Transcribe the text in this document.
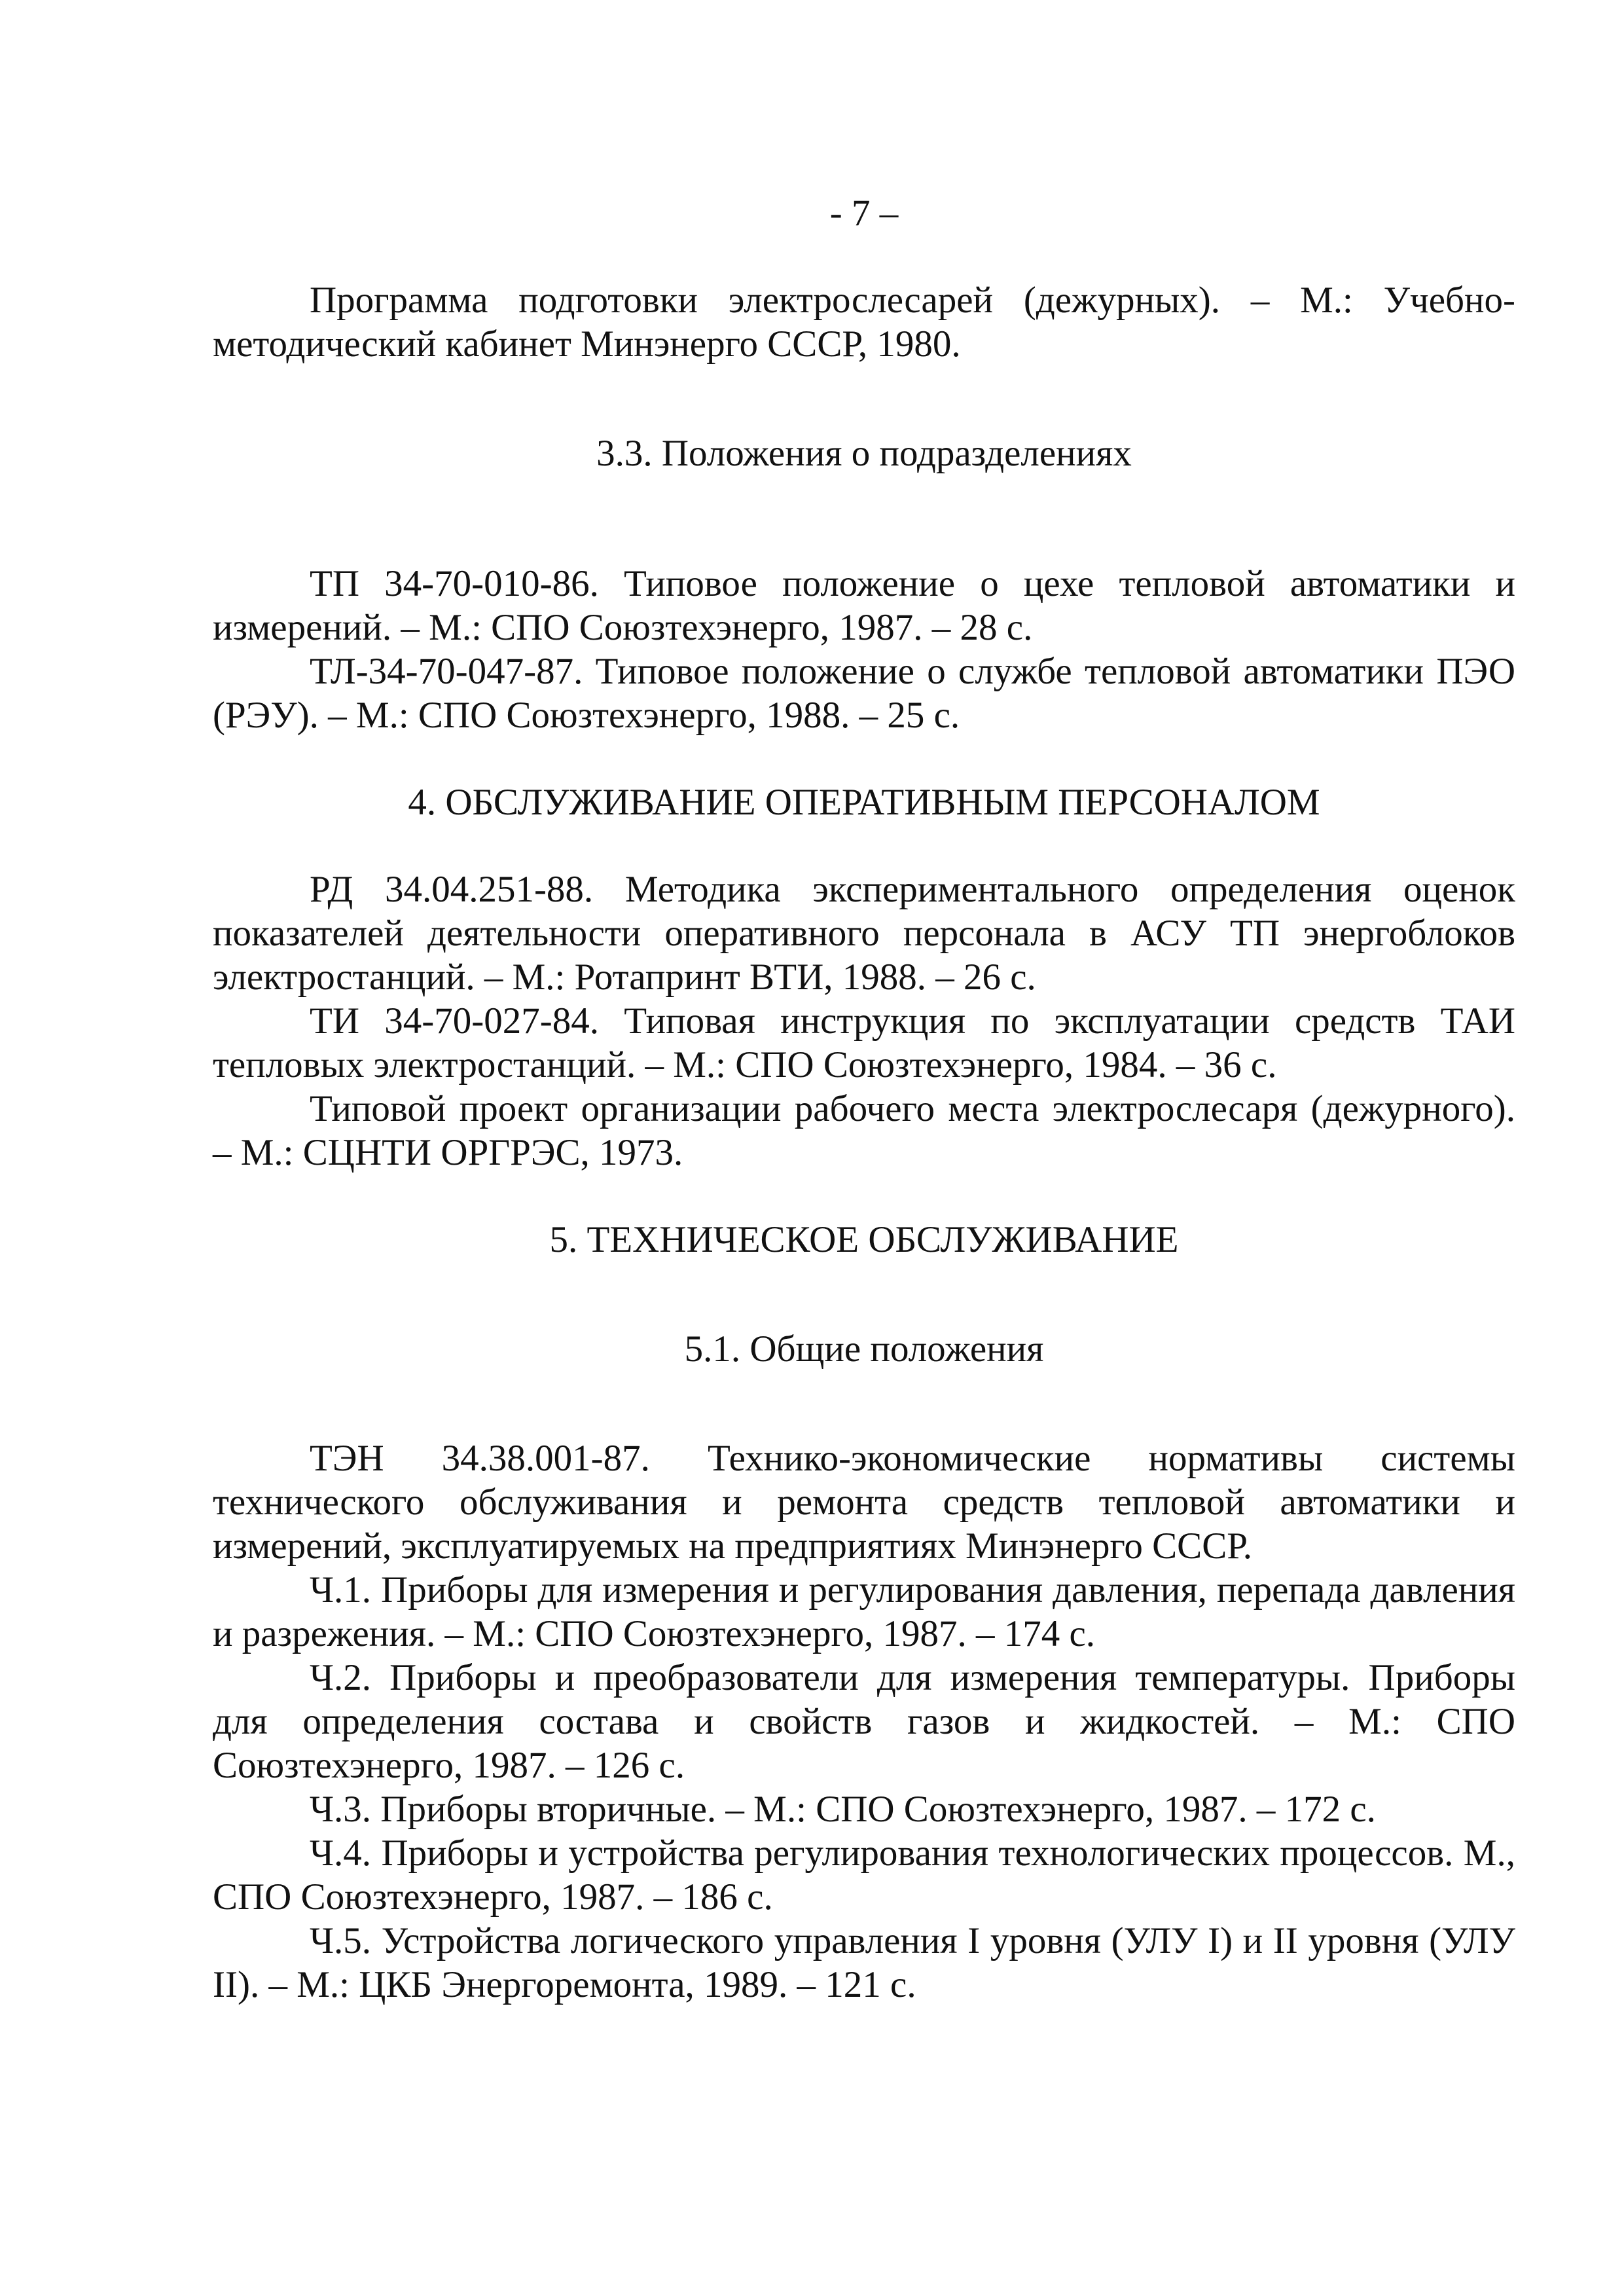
- 7 –

Программа подготовки электрослесарей (дежурных). – М.: Учебно-методический кабинет Минэнерго СССР, 1980.

3.3. Положения о подразделениях

ТП 34-70-010-86. Типовое положение о цехе тепловой автоматики и измерений. – М.: СПО Союзтехэнерго, 1987. – 28 с.

ТЛ-34-70-047-87. Типовое положение о службе тепловой автоматики ПЭО (РЭУ). – М.: СПО Союзтехэнерго, 1988. – 25 с.

4. ОБСЛУЖИВАНИЕ ОПЕРАТИВНЫМ ПЕРСОНАЛОМ

РД 34.04.251-88. Методика экспериментального определения оценок показателей деятельности оперативного персонала в АСУ ТП энергоблоков электростанций. – М.: Ротапринт ВТИ, 1988. – 26 с.

ТИ 34-70-027-84. Типовая инструкция по эксплуатации средств ТАИ тепловых электростанций. – М.: СПО Союзтехэнерго, 1984. – 36 с.

Типовой проект организации рабочего места электрослесаря (дежурного). – М.: СЦНТИ ОРГРЭС, 1973.

5. ТЕХНИЧЕСКОЕ ОБСЛУЖИВАНИЕ
5.1. Общие положения

ТЭН 34.38.001-87. Технико-экономические нормативы системы технического обслуживания и ремонта средств тепловой автоматики и измерений, эксплуатируемых на предприятиях Минэнерго СССР.

Ч.1. Приборы для измерения и регулирования давления, перепада давления и разрежения. – М.: СПО Союзтехэнерго, 1987. – 174 с.

Ч.2. Приборы и преобразователи для измерения температуры. Приборы для определения состава и свойств газов и жидкостей. – М.: СПО Союзтехэнерго, 1987. – 126 с.

Ч.3. Приборы вторичные. – М.: СПО Союзтехэнерго, 1987. – 172 с.

Ч.4. Приборы и устройства регулирования технологических процессов. М., СПО Союзтехэнерго, 1987. – 186 с.

Ч.5. Устройства логического управления I уровня (УЛУ I) и II уровня (УЛУ II). – М.: ЦКБ Энергоремонта, 1989. – 121 с.
